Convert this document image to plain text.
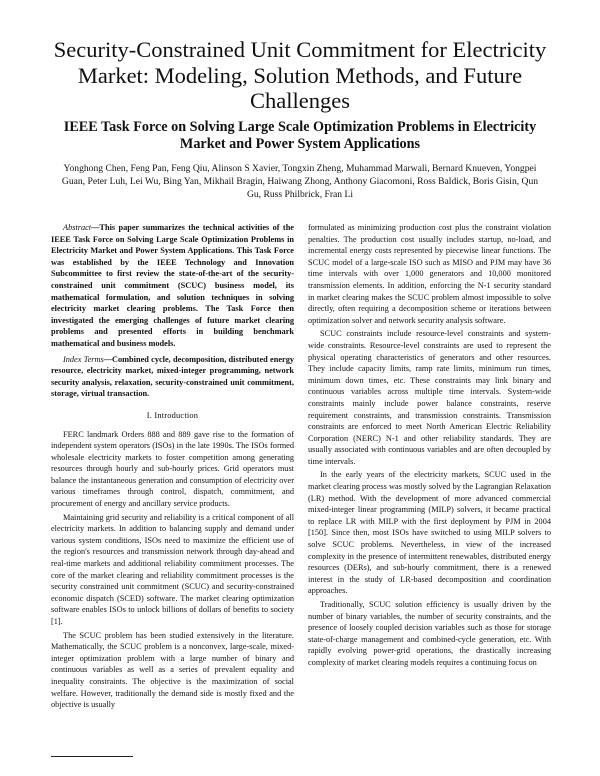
Security-Constrained Unit Commitment for Electricity Market: Modeling, Solution Methods, and Future Challenges
IEEE Task Force on Solving Large Scale Optimization Problems in Electricity Market and Power System Applications

Yonghong Chen, Feng Pan, Feng Qiu, Alinson S Xavier, Tongxin Zheng, Muhammad Marwali, Bernard Knueven, Yongpei Guan, Peter Luh, Lei Wu, Bing Yan, Mikhail Bragin, Haiwang Zhong, Anthony Giacomoni, Ross Baldick, Boris Gisin, Qun Gu, Russ Philbrick, Fran Li

Abstract—This paper summarizes the technical activities of the IEEE Task Force on Solving Large Scale Optimization Problems in Electricity Market and Power System Applications. This Task Force was established by the IEEE Technology and Innovation Subcommittee to first review the state-of-the-art of the security-constrained unit commitment (SCUC) business model, its mathematical formulation, and solution techniques in solving electricity market clearing problems. The Task Force then investigated the emerging challenges of future market clearing problems and presented efforts in building benchmark mathematical and business models.

Index Terms—Combined cycle, decomposition, distributed energy resource, electricity market, mixed-integer programming, network security analysis, relaxation, security-constrained unit commitment, storage, virtual transaction.

I. Introduction

FERC landmark Orders 888 and 889 gave rise to the formation of independent system operators (ISOs) in the late 1990s. The ISOs formed wholesale electricity markets to foster competition among generating resources through hourly and sub-hourly prices. Grid operators must balance the instantaneous generation and consumption of electricity over various timeframes through control, dispatch, commitment, and procurement of energy and ancillary service products.

Maintaining grid security and reliability is a critical component of all electricity markets. In addition to balancing supply and demand under various system conditions, ISOs need to maximize the efficient use of the region's resources and transmission network through day-ahead and real-time markets and additional reliability commitment processes. The core of the market clearing and reliability commitment processes is the security constrained unit commitment (SCUC) and security-constrained economic dispatch (SCED) software. The market clearing optimization software enables ISOs to unlock billions of dollars of benefits to society [1].

The SCUC problem has been studied extensively in the literature. Mathematically, the SCUC problem is a nonconvex, large-scale, mixed-integer optimization problem with a large number of binary and continuous variables as well as a series of prevalent equality and inequality constraints. The objective is the maximization of social welfare. However, traditionally the demand side is mostly fixed and the objective is usually

formulated as minimizing production cost plus the constraint violation penalties. The production cost usually includes startup, no-load, and incremental energy costs represented by piecewise linear functions. The SCUC model of a large-scale ISO such as MISO and PJM may have 36 time intervals with over 1,000 generators and 10,000 monitored transmission elements. In addition, enforcing the N-1 security standard in market clearing makes the SCUC problem almost impossible to solve directly, often requiring a decomposition scheme or iterations between optimization solver and network security analysis software.

SCUC constraints include resource-level constraints and system-wide constraints. Resource-level constraints are used to represent the physical operating characteristics of generators and other resources. They include capacity limits, ramp rate limits, minimum run times, minimum down times, etc. These constraints may link binary and continuous variables across multiple time intervals. System-wide constraints mainly include power balance constraints, reserve requirement constraints, and transmission constraints. Transmission constraints are enforced to meet North American Electric Reliability Corporation (NERC) N-1 and other reliability standards. They are usually associated with continuous variables and are often decoupled by time intervals.

In the early years of the electricity markets, SCUC used in the market clearing process was mostly solved by the Lagrangian Relaxation (LR) method. With the development of more advanced commercial mixed-integer linear programming (MILP) solvers, it became practical to replace LR with MILP with the first deployment by PJM in 2004 [150]. Since then, most ISOs have switched to using MILP solvers to solve SCUC problems. Nevertheless, in view of the increased complexity in the presence of intermittent renewables, distributed energy resources (DERs), and sub-hourly commitment, there is a renewed interest in the study of LR-based decomposition and coordination approaches.

Traditionally, SCUC solution efficiency is usually driven by the number of binary variables, the number of security constraints, and the presence of loosely coupled decision variables such as those for storage state-of-charge management and combined-cycle generation, etc. With rapidly evolving power-grid operations, the drastically increasing complexity of market clearing models requires a continuing focus on
